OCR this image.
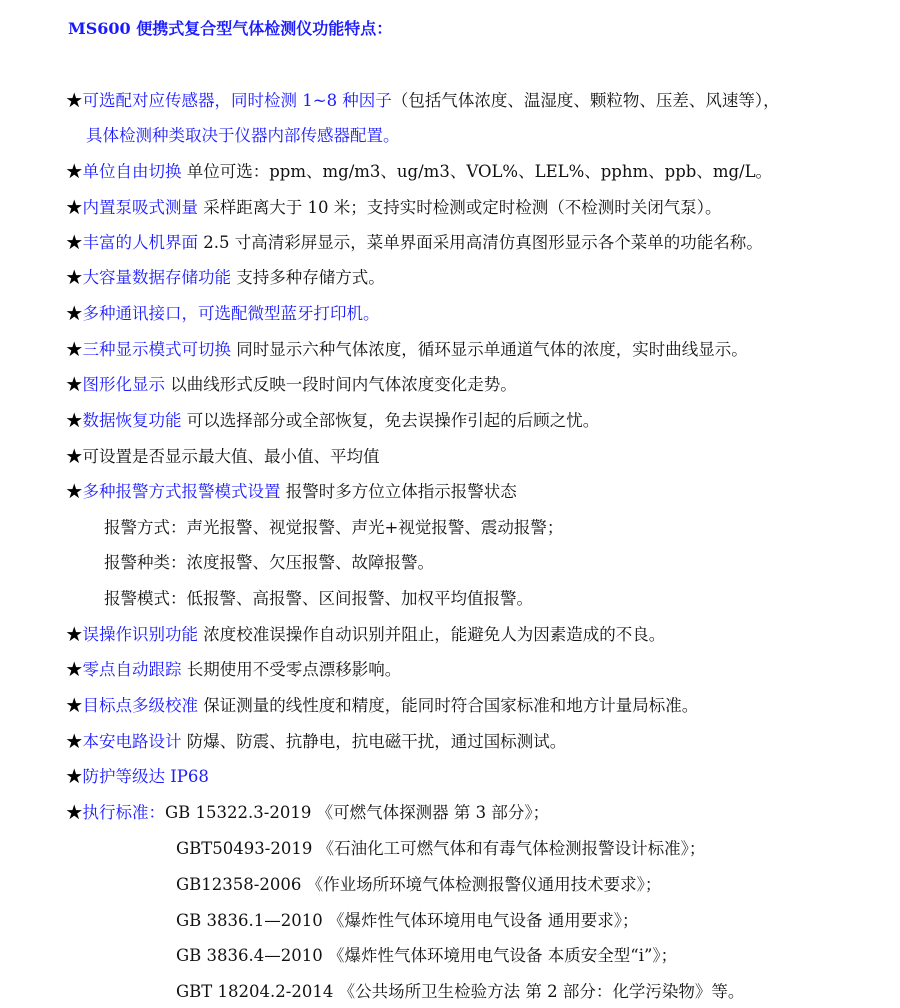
MS600 便携式复合型气体检测仪功能特点：
★可选配对应传感器，同时检测 1~8 种因子（包括气体浓度、温湿度、颗粒物、压差、风速等），
具体检测种类取决于仪器内部传感器配置。
★单位自由切换 单位可选：ppm、mg/m3、ug/m3、VOL%、LEL%、pphm、ppb、mg/L。
★内置泵吸式测量 采样距离大于 10 米；支持实时检测或定时检测（不检测时关闭气泵）。
★丰富的人机界面 2.5 寸高清彩屏显示，菜单界面采用高清仿真图形显示各个菜单的功能名称。
★大容量数据存储功能 支持多种存储方式。
★多种通讯接口，可选配微型蓝牙打印机。
★三种显示模式可切换 同时显示六种气体浓度，循环显示单通道气体的浓度，实时曲线显示。
★图形化显示 以曲线形式反映一段时间内气体浓度变化走势。
★数据恢复功能 可以选择部分或全部恢复，免去误操作引起的后顾之忧。
★可设置是否显示最大值、最小值、平均值
★多种报警方式报警模式设置 报警时多方位立体指示报警状态
报警方式：声光报警、视觉报警、声光+视觉报警、震动报警；
报警种类：浓度报警、欠压报警、故障报警。
报警模式：低报警、高报警、区间报警、加权平均值报警。
★误操作识别功能 浓度校准误操作自动识别并阻止，能避免人为因素造成的不良。
★零点自动跟踪 长期使用不受零点漂移影响。
★目标点多级校准 保证测量的线性度和精度，能同时符合国家标准和地方计量局标准。
★本安电路设计 防爆、防震、抗静电，抗电磁干扰，通过国标测试。
★防护等级达 IP68
★执行标准：GB 15322.3-2019 《可燃气体探测器 第 3 部分》；
GBT50493-2019 《石油化工可燃气体和有毒气体检测报警设计标准》；
GB12358-2006 《作业场所环境气体检测报警仪通用技术要求》；
GB 3836.1—2010 《爆炸性气体环境用电气设备 通用要求》；
GB 3836.4—2010 《爆炸性气体环境用电气设备 本质安全型“i”》；
GBT 18204.2-2014 《公共场所卫生检验方法 第 2 部分：化学污染物》等。
